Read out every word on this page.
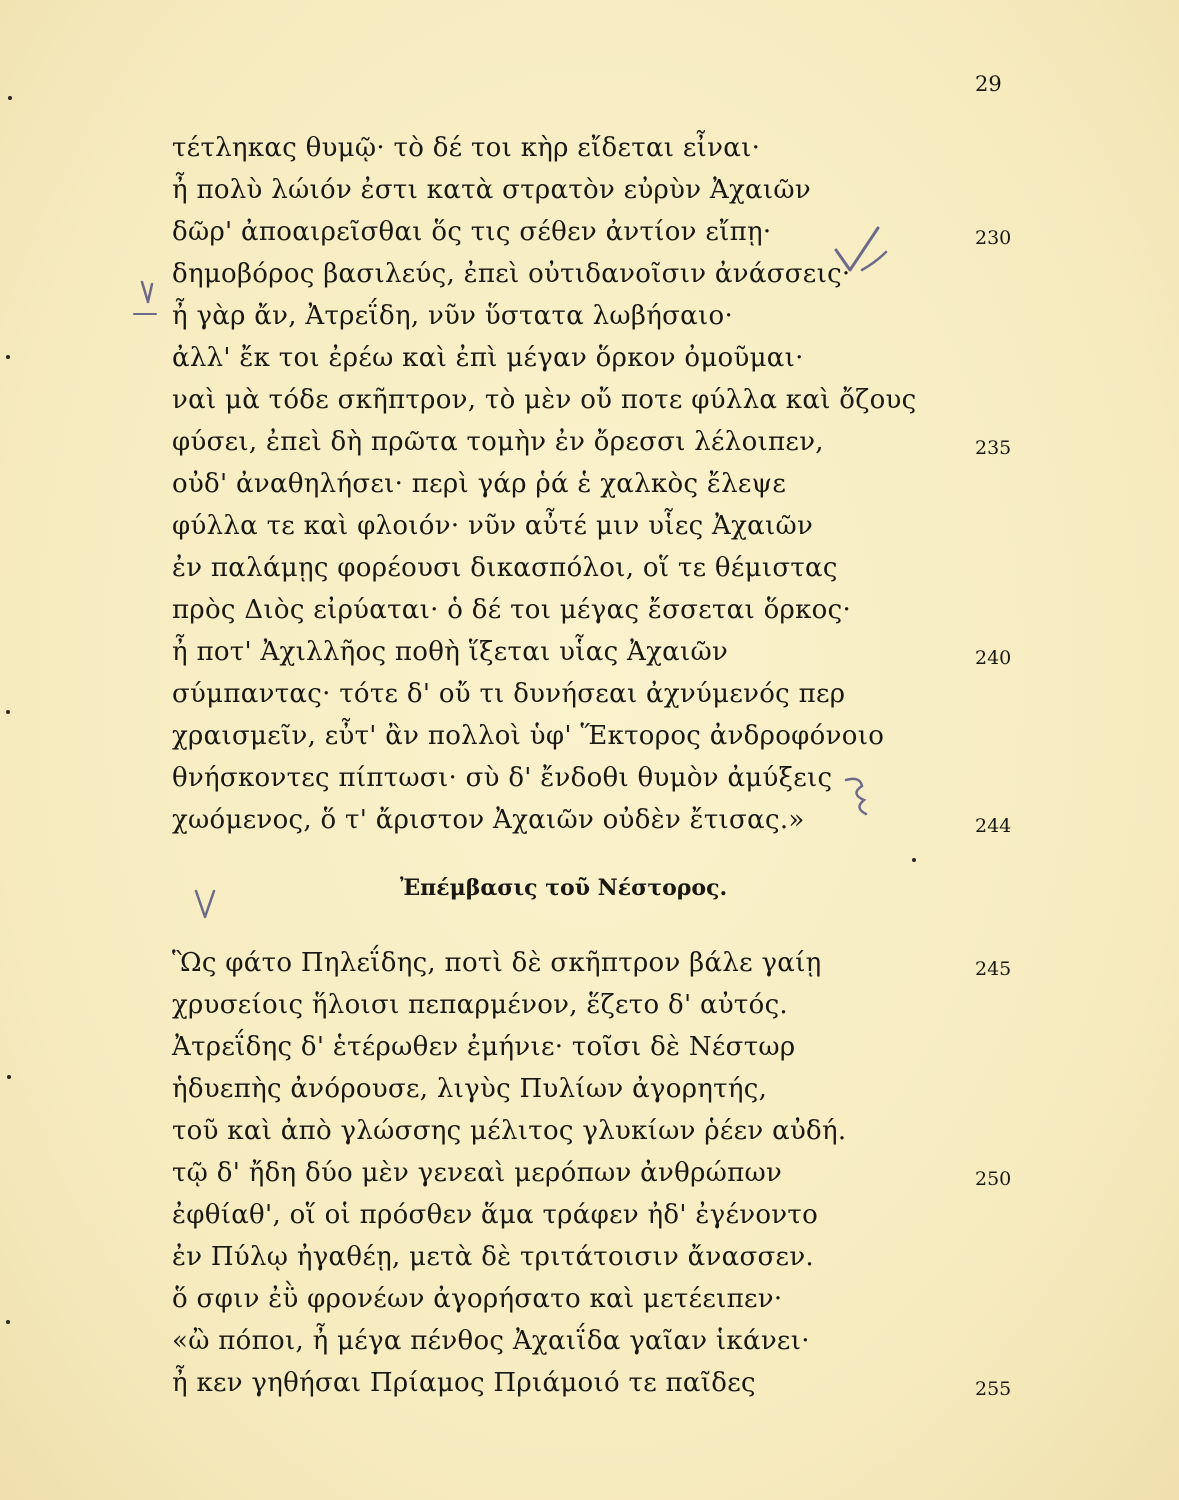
29
τέτληκας θυμῷ· τὸ δέ τοι κὴρ εἴδεται εἶναι·
ἦ πολὺ λώιόν ἐστι κατὰ στρατὸν εὐρὺν Ἀχαιῶν
δῶρ' ἀποαιρεῖσθαι ὅς τις σέθεν ἀντίον εἴπῃ·
δημοβόρος βασιλεύς, ἐπεὶ οὐτιδανοῖσιν ἀνάσσεις·
ἦ γὰρ ἄν, Ἀτρεΐδη, νῦν ὕστατα λωβήσαιο·
ἀλλ' ἔκ τοι ἐρέω καὶ ἐπὶ μέγαν ὅρκον ὀμοῦμαι·
ναὶ μὰ τόδε σκῆπτρον, τὸ μὲν οὔ ποτε φύλλα καὶ ὄζους
φύσει, ἐπεὶ δὴ πρῶτα τομὴν ἐν ὄρεσσι λέλοιπεν,
οὐδ' ἀναθηλήσει· περὶ γάρ ῥά ἑ χαλκὸς ἔλεψε
φύλλα τε καὶ φλοιόν· νῦν αὖτέ μιν υἷες Ἀχαιῶν
ἐν παλάμῃς φορέουσι δικασπόλοι, οἵ τε θέμιστας
πρὸς Διὸς εἰρύαται· ὁ δέ τοι μέγας ἔσσεται ὅρκος·
ἦ ποτ' Ἀχιλλῆος ποθὴ ἵξεται υἷας Ἀχαιῶν
σύμπαντας· τότε δ' οὔ τι δυνήσεαι ἀχνύμενός περ
χραισμεῖν, εὖτ' ἂν πολλοὶ ὑφ' Ἕκτορος ἀνδροφόνοιο
θνήσκοντες πίπτωσι· σὺ δ' ἔνδοθι θυμὸν ἀμύξεις
χωόμενος, ὅ τ' ἄριστον Ἀχαιῶν οὐδὲν ἔτισας.»
230
235
240
244
Ἐπέμβασις τοῦ Νέστορος.
Ὣς φάτο Πηλεΐδης, ποτὶ δὲ σκῆπτρον βάλε γαίῃ
χρυσείοις ἥλοισι πεπαρμένον, ἕζετο δ' αὐτός.
Ἀτρεΐδης δ' ἑτέρωθεν ἐμήνιε· τοῖσι δὲ Νέστωρ
ἡδυεπὴς ἀνόρουσε, λιγὺς Πυλίων ἀγορητής,
τοῦ καὶ ἀπὸ γλώσσης μέλιτος γλυκίων ῥέεν αὐδή.
τῷ δ' ἤδη δύο μὲν γενεαὶ μερόπων ἀνθρώπων
ἐφθίαθ', οἵ οἱ πρόσθεν ἅμα τράφεν ἠδ' ἐγένοντο
ἐν Πύλῳ ἠγαθέῃ, μετὰ δὲ τριτάτοισιν ἄνασσεν.
ὅ σφιν ἐῢ φρονέων ἀγορήσατο καὶ μετέειπεν·
«ὢ πόποι, ἦ μέγα πένθος Ἀχαιΐδα γαῖαν ἱκάνει·
ἦ κεν γηθήσαι Πρίαμος Πριάμοιό τε παῖδες
245
250
255
